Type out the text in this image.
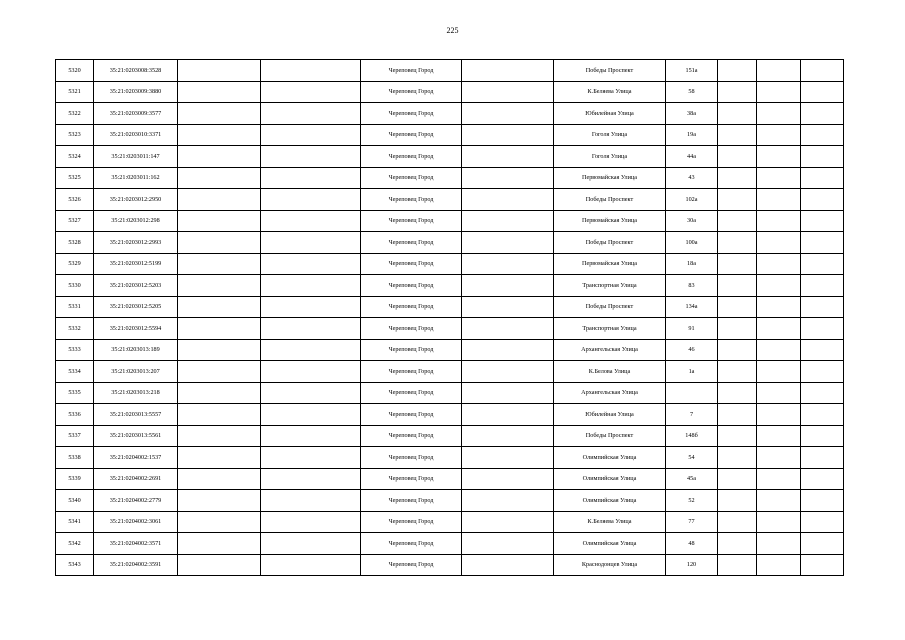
225
5320	35:21:0203008:3528			Череповец Город		Победы Проспект	151а			
5321	35:21:0203009:3880			Череповец Город		К.Беляева Улица	58			
5322	35:21:0203009:3577			Череповец Город		Юбилейная Улица	38а			
5323	35:21:0203010:3371			Череповец Город		Гоголя Улица	19а			
5324	35:21:0203011:147			Череповец Город		Гоголя Улица	44а			
5325	35:21:0203011:162			Череповец Город		Первомайская Улица	43			
5326	35:21:0203012:2950			Череповец Город		Победы Проспект	102а			
5327	35:21:0203012:298			Череповец Город		Первомайская Улица	30а			
5328	35:21:0203012:2993			Череповец Город		Победы Проспект	100а			
5329	35:21:0203012:5199			Череповец Город		Первомайская Улица	18а			
5330	35:21:0203012:5203			Череповец Город		Транспортная Улица	83			
5331	35:21:0203012:5205			Череповец Город		Победы Проспект	134а			
5332	35:21:0203012:5594			Череповец Город		Транспортная Улица	91			
5333	35:21:0203013:189			Череповец Город		Архангельская Улица	46			
5334	35:21:0203013:207			Череповец Город		К.Белова Улица	1а			
5335	35:21:0203013:218			Череповец Город		Архангельская Улица				
5336	35:21:0203013:5557			Череповец Город		Юбилейная Улица	7			
5337	35:21:0203013:5561			Череповец Город		Победы Проспект	148б			
5338	35:21:0204002:1537			Череповец Город		Олимпийская Улица	54			
5339	35:21:0204002:2691			Череповец Город		Олимпийская Улица	45а			
5340	35:21:0204002:2779			Череповец Город		Олимпийская Улица	52			
5341	35:21:0204002:3061			Череповец Город		К.Беляева Улица	77			
5342	35:21:0204002:3571			Череповец Город		Олимпийская Улица	48			
5343	35:21:0204002:3591			Череповец Город		Краснодонцев Улица	120			
